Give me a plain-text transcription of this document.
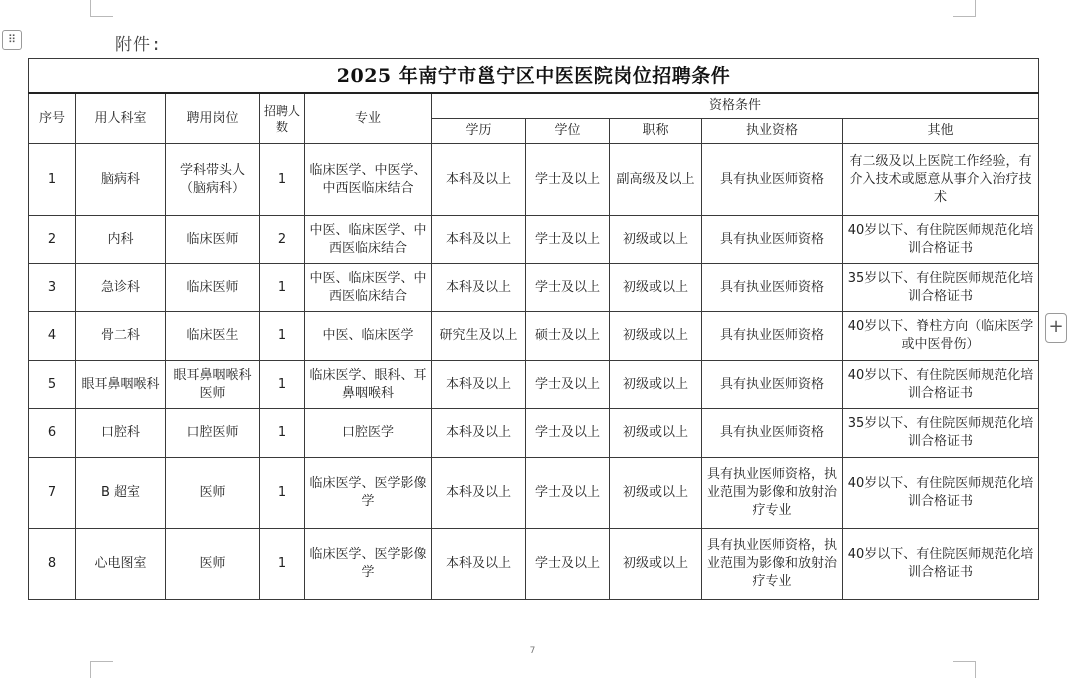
⠿
+
附件:
2025 年南宁市邕宁区中医医院岗位招聘条件									
序号	用人科室	聘用岗位	招聘人数	专业	资格条件				
					学历	学位	职称	执业资格	其他
1	脑病科	学科带头人（脑病科）	1	临床医学、中医学、中西医临床结合	本科及以上	学士及以上	副高级及以上	具有执业医师资格	有二级及以上医院工作经验，有介入技术或愿意从事介入治疗技术
2	内科	临床医师	2	中医、临床医学、中西医临床结合	本科及以上	学士及以上	初级或以上	具有执业医师资格	40岁以下、有住院医师规范化培训合格证书
3	急诊科	临床医师	1	中医、临床医学、中西医临床结合	本科及以上	学士及以上	初级或以上	具有执业医师资格	35岁以下、有住院医师规范化培训合格证书
4	骨二科	临床医生	1	中医、临床医学	研究生及以上	硕士及以上	初级或以上	具有执业医师资格	40岁以下、脊柱方向（临床医学或中医骨伤）
5	眼耳鼻咽喉科	眼耳鼻咽喉科医师	1	临床医学、眼科、耳鼻咽喉科	本科及以上	学士及以上	初级或以上	具有执业医师资格	40岁以下、有住院医师规范化培训合格证书
6	口腔科	口腔医师	1	口腔医学	本科及以上	学士及以上	初级或以上	具有执业医师资格	35岁以下、有住院医师规范化培训合格证书
7	B 超室	医师	1	临床医学、医学影像学	本科及以上	学士及以上	初级或以上	具有执业医师资格，执业范围为影像和放射治疗专业	40岁以下、有住院医师规范化培训合格证书
8	心电图室	医师	1	临床医学、医学影像学	本科及以上	学士及以上	初级或以上	具有执业医师资格，执业范围为影像和放射治疗专业	40岁以下、有住院医师规范化培训合格证书
7
